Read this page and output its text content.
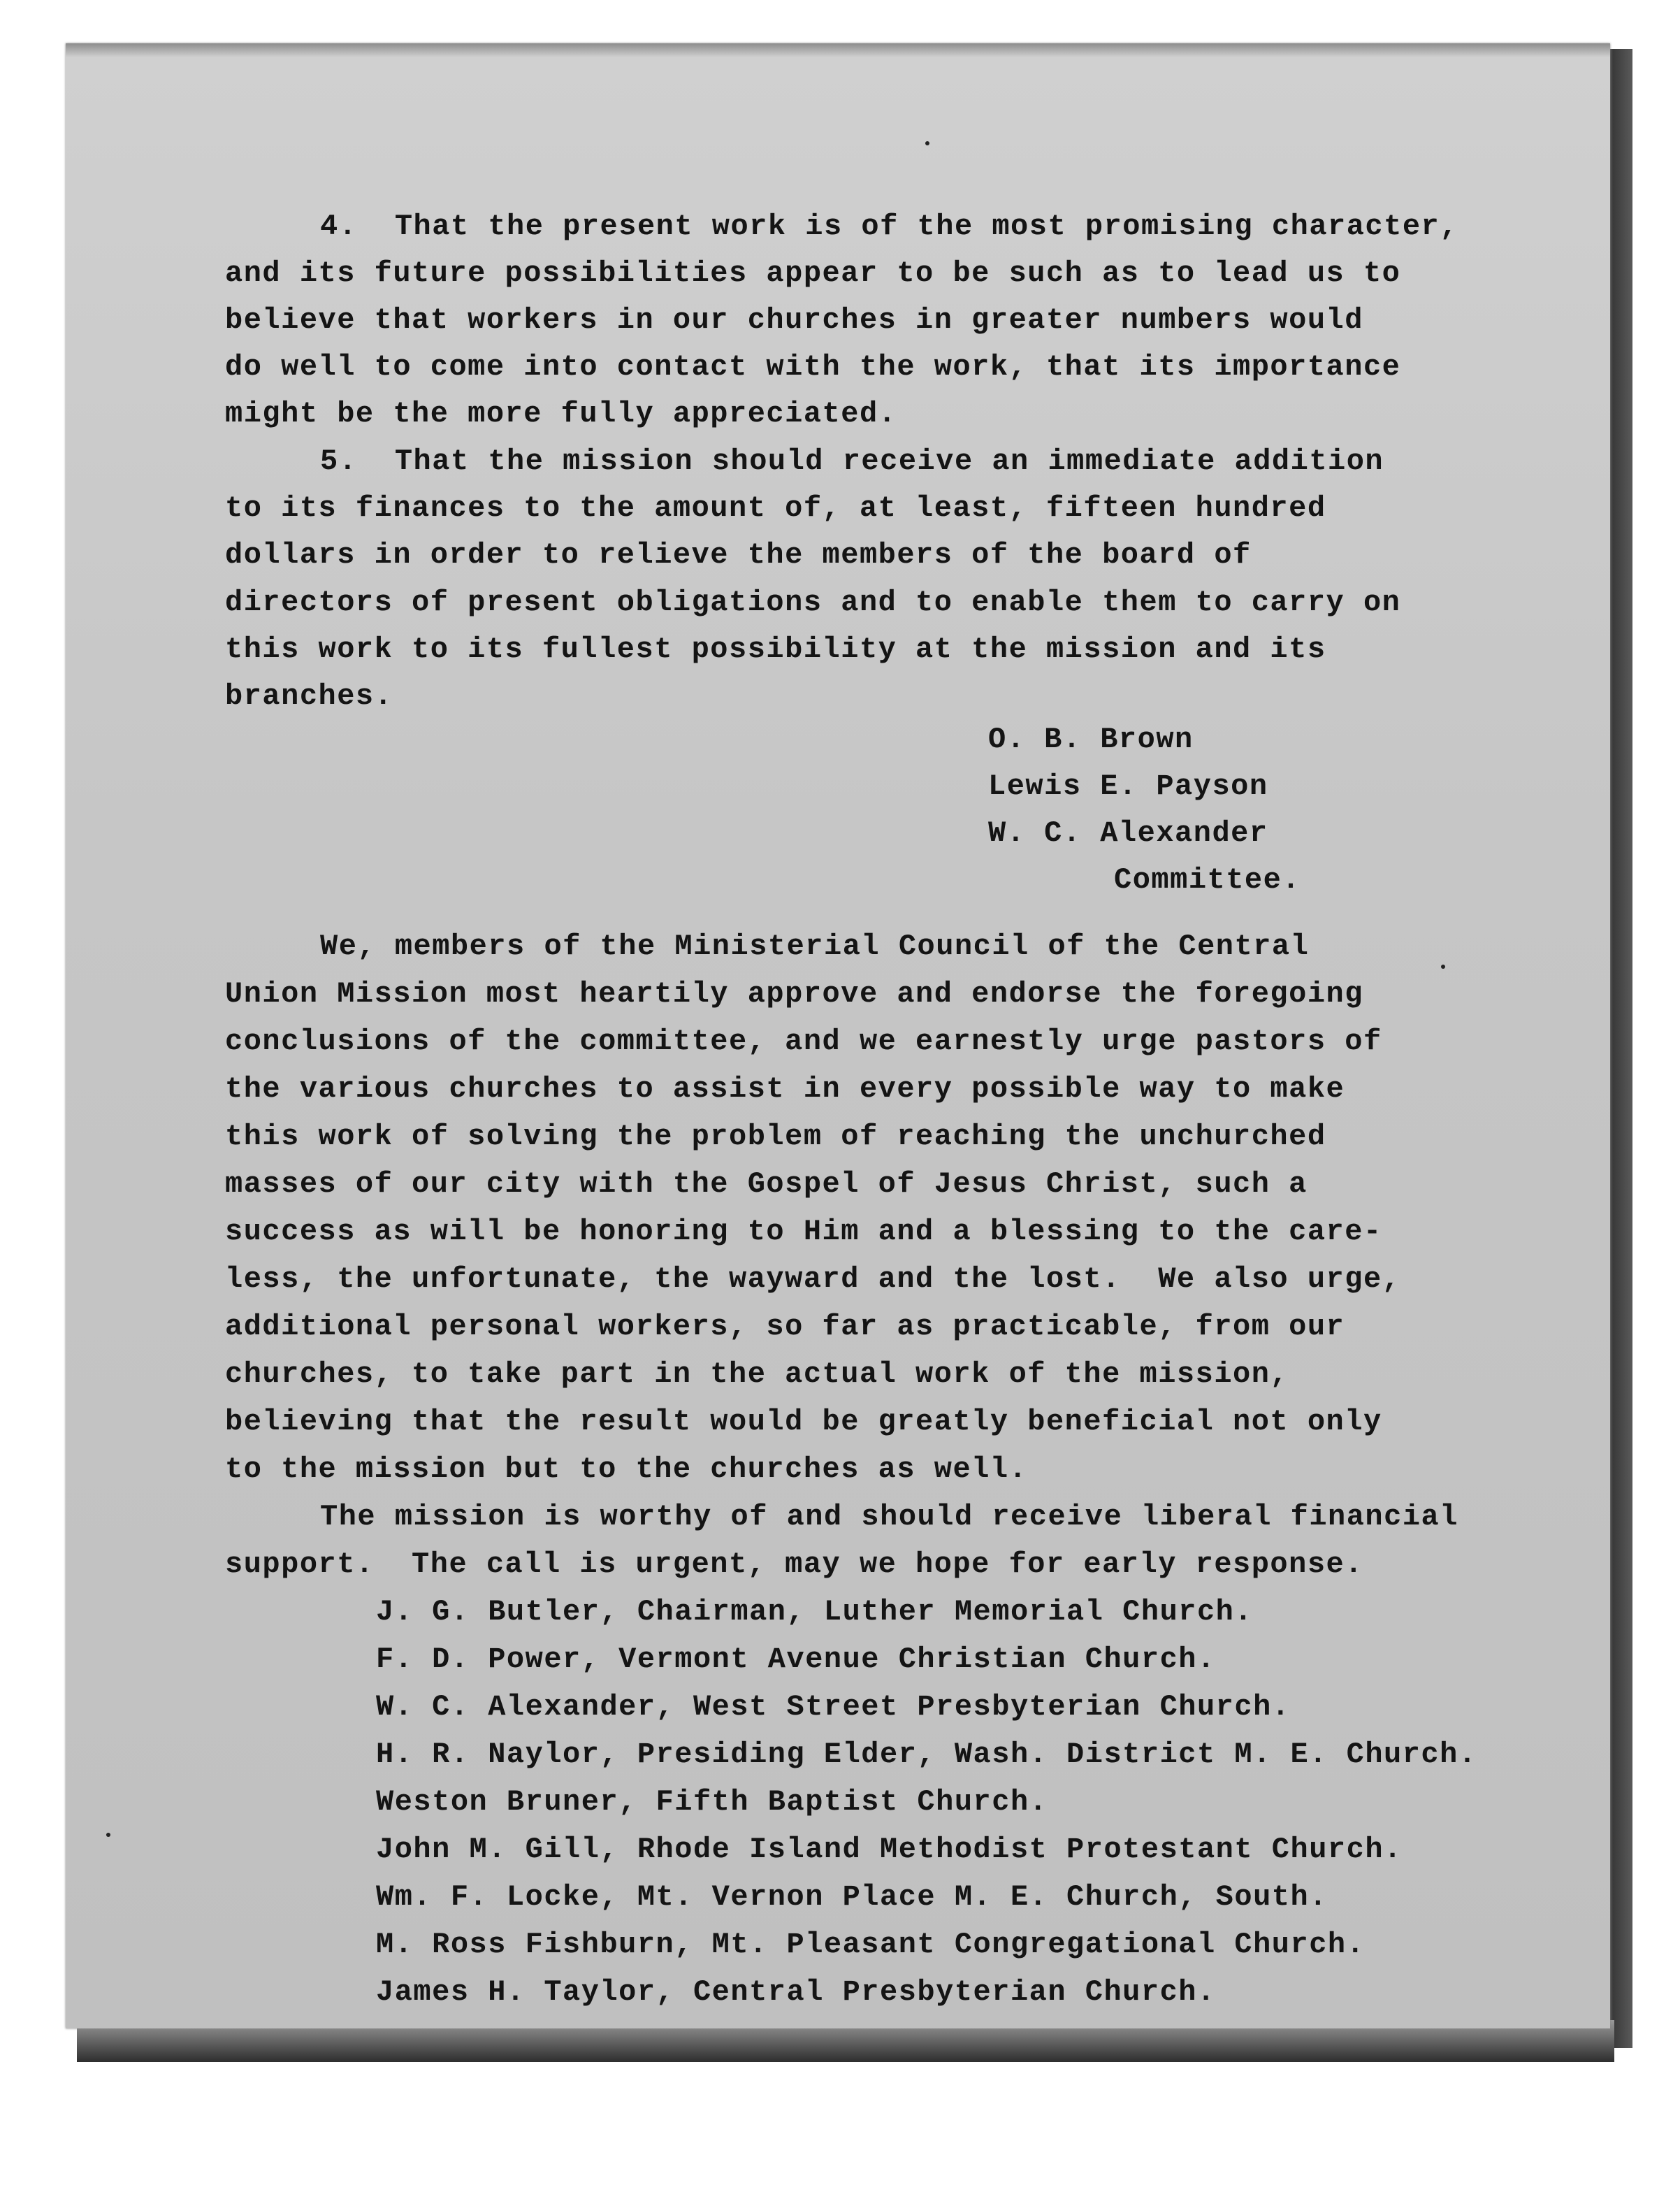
4.  That the present work is of the most promising character,
and its future possibilities appear to be such as to lead us to
believe that workers in our churches in greater numbers would
do well to come into contact with the work, that its importance
might be the more fully appreciated.
5.  That the mission should receive an immediate addition
to its finances to the amount of, at least, fifteen hundred
dollars in order to relieve the members of the board of
directors of present obligations and to enable them to carry on
this work to its fullest possibility at the mission and its
branches.
O. B. Brown
Lewis E. Payson
W. C. Alexander
Committee.
We, members of the Ministerial Council of the Central
Union Mission most heartily approve and endorse the foregoing
conclusions of the committee, and we earnestly urge pastors of
the various churches to assist in every possible way to make
this work of solving the problem of reaching the unchurched
masses of our city with the Gospel of Jesus Christ, such a
success as will be honoring to Him and a blessing to the care-
less, the unfortunate, the wayward and the lost.  We also urge,
additional personal workers, so far as practicable, from our
churches, to take part in the actual work of the mission,
believing that the result would be greatly beneficial not only
to the mission but to the churches as well.
The mission is worthy of and should receive liberal financial
support.  The call is urgent, may we hope for early response.
J. G. Butler, Chairman, Luther Memorial Church.
F. D. Power, Vermont Avenue Christian Church.
W. C. Alexander, West Street Presbyterian Church.
H. R. Naylor, Presiding Elder, Wash. District M. E. Church.
Weston Bruner, Fifth Baptist Church.
John M. Gill, Rhode Island Methodist Protestant Church.
Wm. F. Locke, Mt. Vernon Place M. E. Church, South.
M. Ross Fishburn, Mt. Pleasant Congregational Church.
James H. Taylor, Central Presbyterian Church.
